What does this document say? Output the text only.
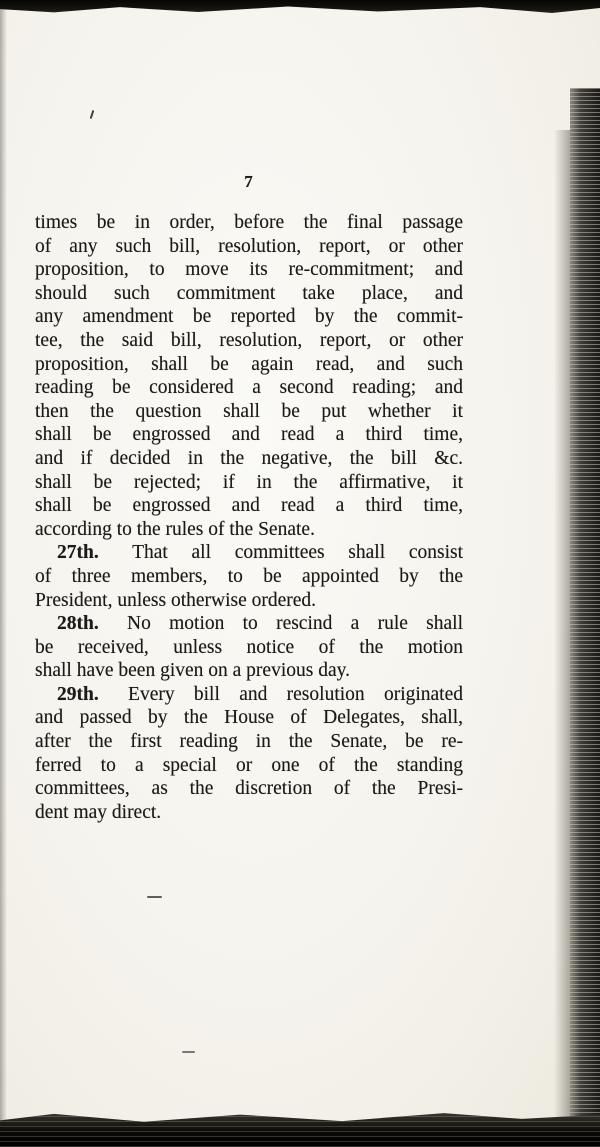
7
times be in order, before the final passage
of any such bill, resolution, report, or other
proposition, to move its re-commitment; and
should such commitment take place, and
any amendment be reported by the commit-
tee, the said bill, resolution, report, or other
proposition, shall be again read, and such
reading be considered a second reading; and
then the question shall be put whether it
shall be engrossed and read a third time,
and if decided in the negative, the bill &c.
shall be rejected; if in the affirmative, it
shall be engrossed and read a third time,
according to the rules of the Senate.
27th. That all committees shall consist
of three members, to be appointed by the
President, unless otherwise ordered.
28th. No motion to rescind a rule shall
be received, unless notice of the motion
shall have been given on a previous day.
29th. Every bill and resolution originated
and passed by the House of Delegates, shall,
after the first reading in the Senate, be re-
ferred to a special or one of the standing
committees, as the discretion of the Presi-
dent may direct.
